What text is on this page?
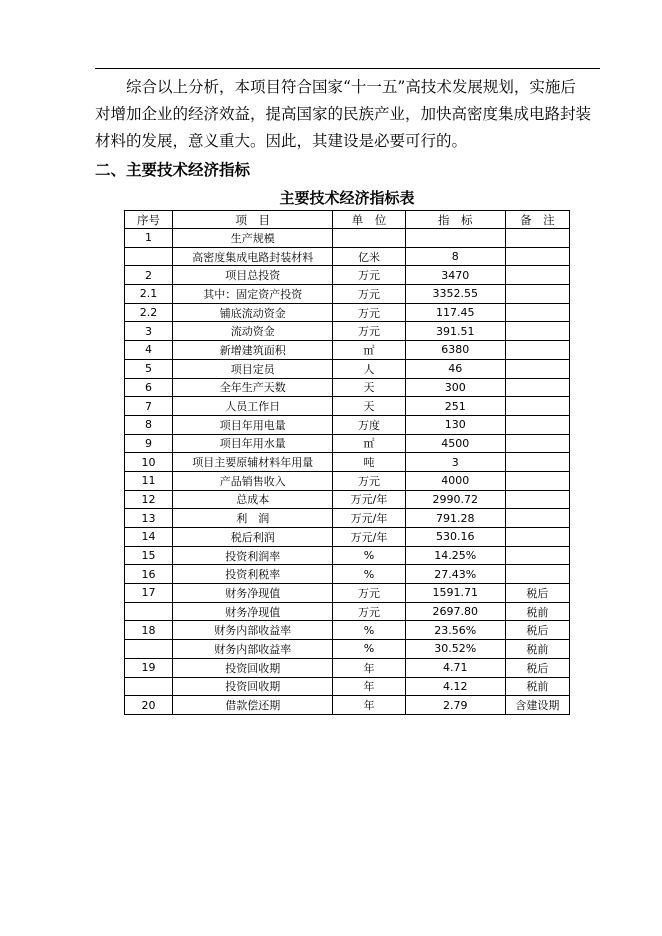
综合以上分析，本项目符合国家“十一五”高技术发展规划，实施后
对增加企业的经济效益，提高国家的民族产业，加快高密度集成电路封装
材料的发展，意义重大。因此，其建设是必要可行的。

二、主要技术经济指标
主要技术经济指标表
序号	项　目	单　位	指　标	备　注
1	生产规模			
	高密度集成电路封装材料	亿米	8	
2	项目总投资	万元	3470	
2.1	其中：固定资产投资	万元	3352.55	
2.2	铺底流动资金	万元	117.45	
3	流动资金	万元	391.51	
4	新增建筑面积	㎡	6380	
5	项目定员	人	46	
6	全年生产天数	天	300	
7	人员工作日	天	251	
8	项目年用电量	万度	130	
9	项目年用水量	㎡	4500	
10	项目主要原辅材料年用量	吨	3	
11	产品销售收入	万元	4000	
12	总成本	万元/年	2990.72	
13	利　润	万元/年	791.28	
14	税后利润	万元/年	530.16	
15	投资利润率	%	14.25%	
16	投资利税率	%	27.43%	
17	财务净现值	万元	1591.71	税后
	财务净现值	万元	2697.80	税前
18	财务内部收益率	%	23.56%	税后
	财务内部收益率	%	30.52%	税前
19	投资回收期	年	4.71	税后
	投资回收期	年	4.12	税前
20	借款偿还期	年	2.79	含建设期
